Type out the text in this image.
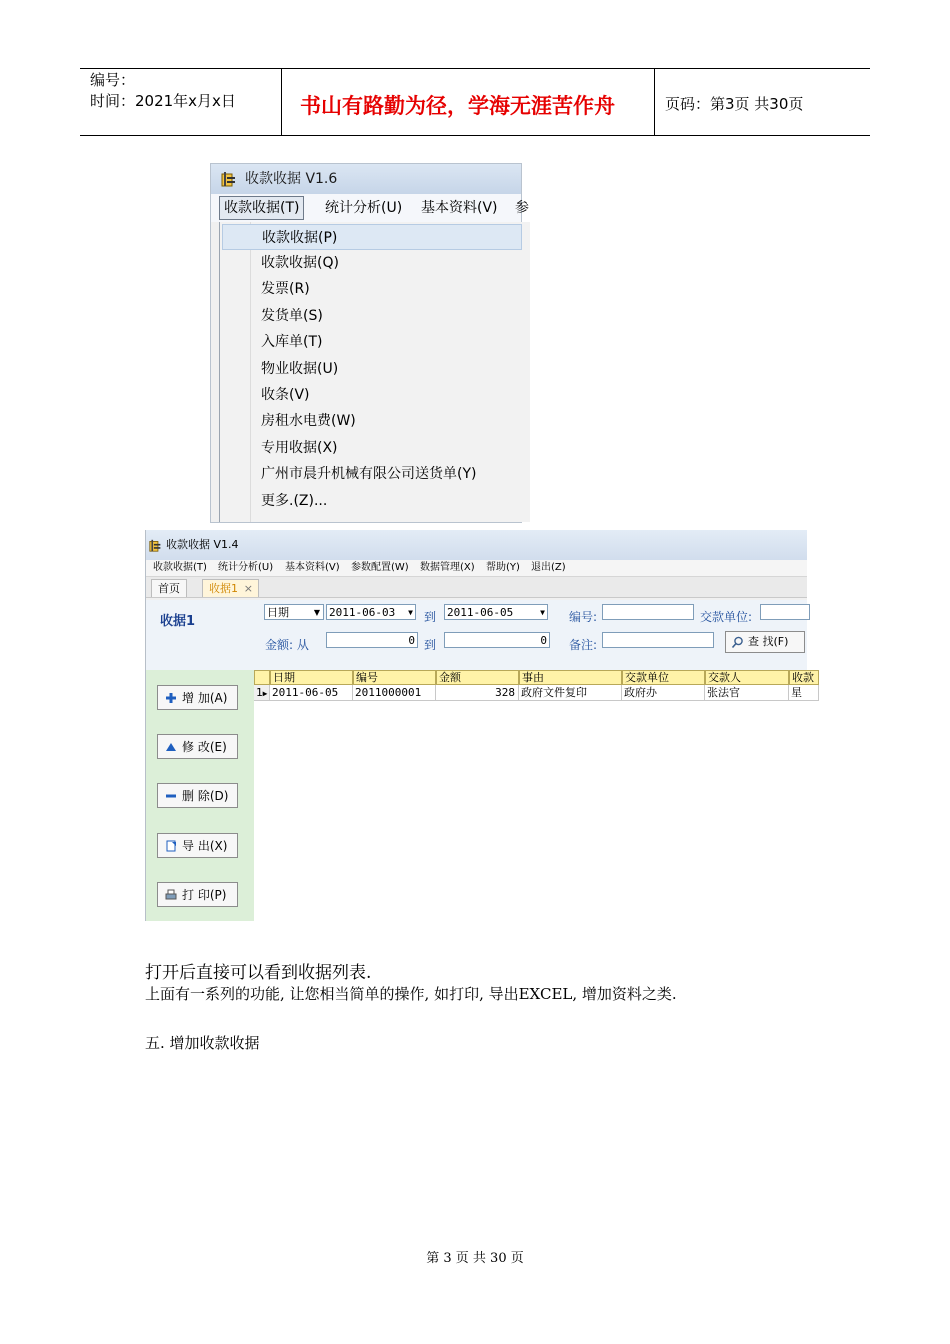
编号：
时间：2021年x月x日	书山有路勤为径，学海无涯苦作舟	页码：第3页 共30页
收款收据 V1.6
收款收据(T)	统计分析(U) 基本资料(V) 参
收款收据(P)
收款收据(Q)
发票(R)
发货单(S)
入库单(T)
物业收据(U)
收条(V)
房租水电费(W)
专用收据(X)
广州市晨升机械有限公司送货单(Y)
更多.(Z)...
收款收据 V1.4
收款收据(T) 统计分析(U) 基本资料(V) 参数配置(W) 数据管理(X) 帮助(Y) 退出(Z)
首页	收据1 ×
收据1
日期	▼ 2011-06-03 ▼ 到 2011-06-05	▼ 编号:	交款单位:
金额: 从	0 到	0 备注:	查 找(F)
增 加(A)
修 改(E)
删 除(D)
导 出(X)
打 印(P)
日期	编号	金额	事由	交款单位	交款人	收款
1▶ 2011-06-05	2011000001	328 政府文件复印	政府办	张法官	星
打开后直接可以看到收据列表.
上面有一系列的功能, 让您相当简单的操作, 如打印, 导出EXCEL, 增加资料之类.
五. 增加收款收据
第 3 页 共 30 页
